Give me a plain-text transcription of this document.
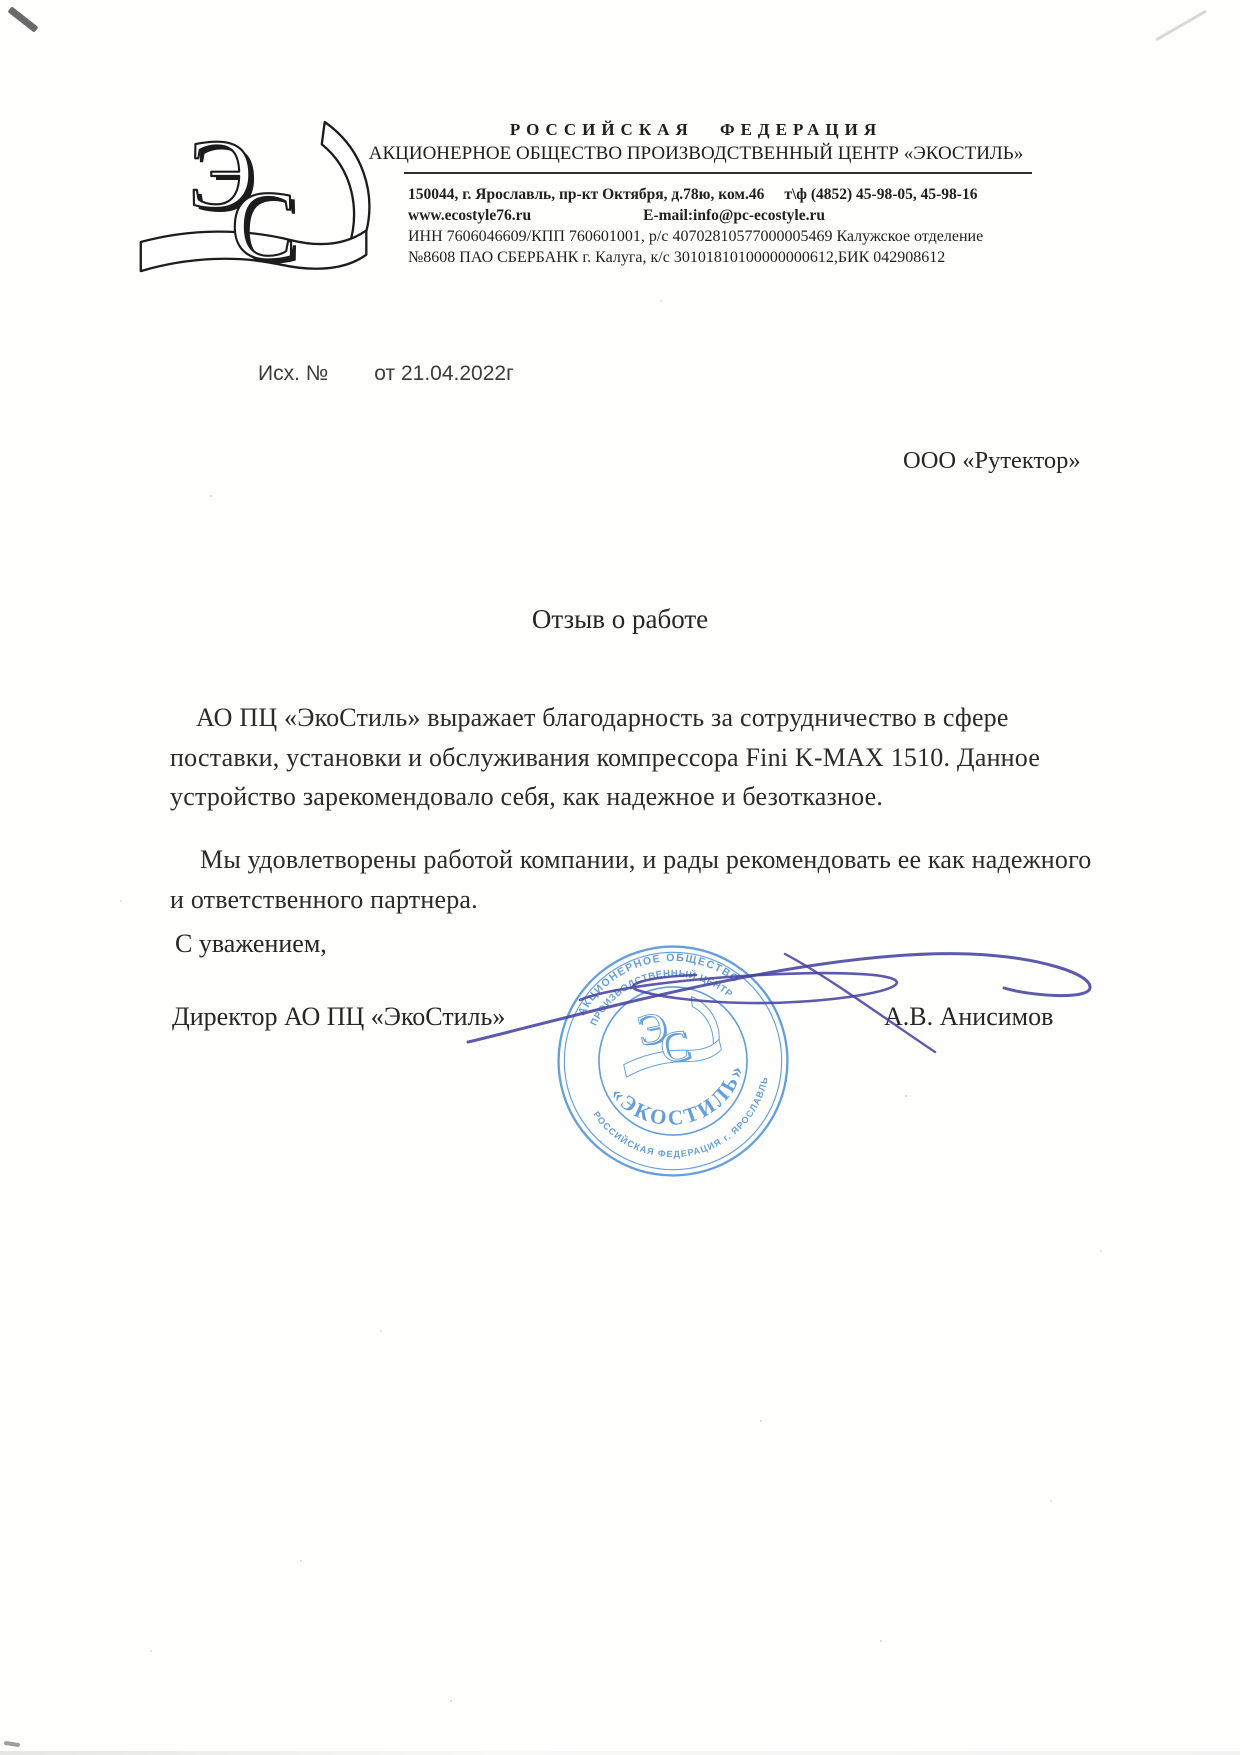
РОССИЙСКАЯ ФЕДЕРАЦИЯ
АКЦИОНЕРНОЕ ОБЩЕСТВО ПРОИЗВОДСТВЕННЫЙ ЦЕНТР «ЭКОСТИЛЬ»
150044, г. Ярославль, пр-кт Октября, д.78ю, ком.46 т\ф (4852) 45-98-05, 45-98-16
www.ecostyle76.ru	E-mail:info@pc-ecostyle.ru
ИНН 7606046609/КПП 760601001, р/с 40702810577000005469 Калужское отделение
№8608 ПАО СБЕРБАНК г. Калуга, к/с 30101810100000000612,БИК 042908612
Исх. № от 21.04.2022г
ООО «Рутектор»
Отзыв о работе
АО ПЦ «ЭкоСтиль» выражает благодарность за сотрудничество в сфере поставки, установки и обслуживания компрессора Fini K-MAX 1510. Данное устройство зарекомендовало себя, как надежное и безотказное.
Мы удовлетворены работой компании, и рады рекомендовать ее как надежного и ответственного партнера.
С уважением,
Директор АО ПЦ «ЭкоСтиль»	А.В. Анисимов
АКЦИОНЕРНОЕ ОБЩЕСТВО
ПРОИЗВОДСТВЕННЫЙ ЦЕНТР
РОССИЙСКАЯ ФЕДЕРАЦИЯ г. ЯРОСЛАВЛЬ
«ЭКОСТИЛЬ»
